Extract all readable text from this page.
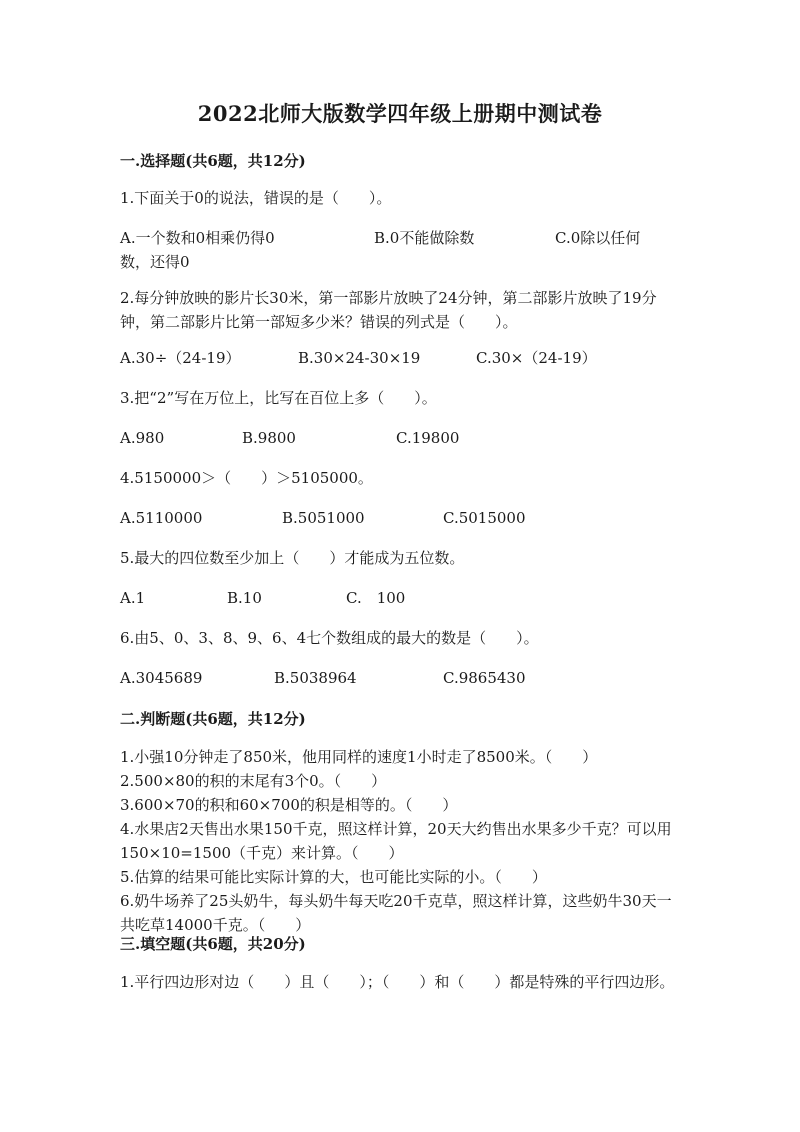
2022北师大版数学四年级上册期中测试卷
一.选择题(共6题，共12分)
1.下面关于0的说法，错误的是（　　）。
A.一个数和0相乘仍得0	B.0不能做除数	C.0除以任何数，还得0
2.每分钟放映的影片长30米，第一部影片放映了24分钟，第二部影片放映了19分钟，第二部影片比第一部短多少米？错误的列式是（　　）。
A.30÷（24-19）	B.30×24-30×19	C.30×（24-19）
3.把“2”写在万位上，比写在百位上多（　　）。
A.980	B.9800	C.19800
4.5150000＞（　　）＞5105000。
A.5110000	B.5051000	C.5015000
5.最大的四位数至少加上（　　）才能成为五位数。
A.1	B.10	C.　100
6.由5、0、3、8、9、6、4七个数组成的最大的数是（　　）。
A.3045689	B.5038964	C.9865430
二.判断题(共6题，共12分)
1.小强10分钟走了850米，他用同样的速度1小时走了8500米。（　　）
2.500×80的积的末尾有3个0。（　　）
3.600×70的积和60×700的积是相等的。（　　）
4.水果店2天售出水果150千克，照这样计算，20天大约售出水果多少千克？可以用150×10=1500（千克）来计算。（　　）
5.估算的结果可能比实际计算的大，也可能比实际的小。（　　）
6.奶牛场养了25头奶牛，每头奶牛每天吃20千克草，照这样计算，这些奶牛30天一共吃草14000千克。（　　）
三.填空题(共6题，共20分)
1.平行四边形对边（　　）且（　　）；（　　）和（　　）都是特殊的平行四边形。
